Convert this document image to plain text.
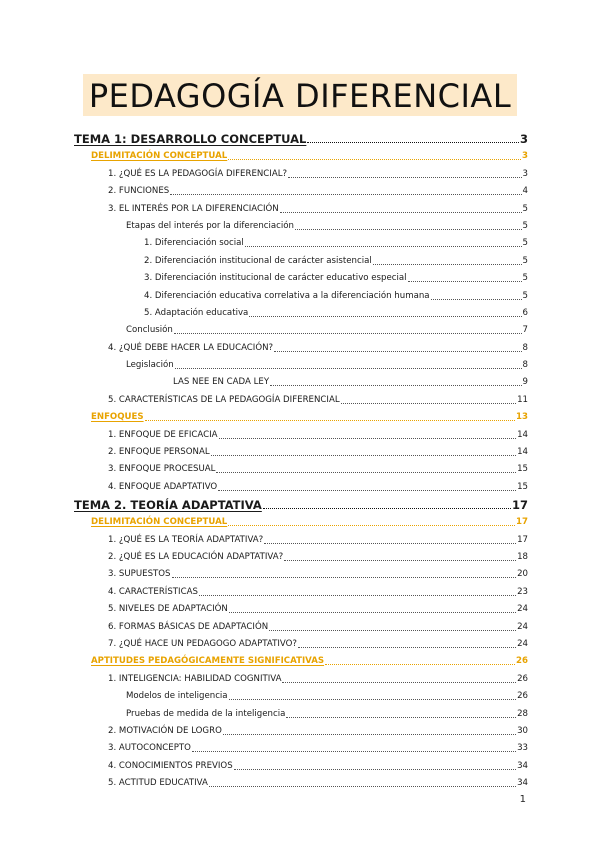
PEDAGOGÍA DIFERENCIAL
TEMA 1: DESARROLLO CONCEPTUAL	3
DELIMITACIÓN CONCEPTUAL	3
1. ¿QUÉ ES LA PEDAGOGÍA DIFERENCIAL?	3
2. FUNCIONES	4
3. EL INTERÉS POR LA DIFERENCIACIÓN	5
Etapas del interés por la diferenciación	5
1. Diferenciación social	5
2. Diferenciación institucional de carácter asistencial	5
3. Diferenciación institucional de carácter educativo especial	5
4. Diferenciación educativa correlativa a la diferenciación humana	5
5. Adaptación educativa	6
Conclusión	7
4. ¿QUÉ DEBE HACER LA EDUCACIÓN?	8
Legislación	8
LAS NEE EN CADA LEY	9
5. CARACTERÍSTICAS DE LA PEDAGOGÍA DIFERENCIAL	11
ENFOQUES	13
1. ENFOQUE DE EFICACIA	14
2. ENFOQUE PERSONAL	14
3. ENFOQUE PROCESUAL	15
4. ENFOQUE ADAPTATIVO	15
TEMA 2. TEORÍA ADAPTATIVA	17
DELIMITACIÓN CONCEPTUAL	17
1. ¿QUÉ ES LA TEORÍA ADAPTATIVA?	17
2. ¿QUÉ ES LA EDUCACIÓN ADAPTATIVA?	18
3. SUPUESTOS	20
4. CARACTERÍSTICAS	23
5. NIVELES DE ADAPTACIÓN	24
6. FORMAS BÁSICAS DE ADAPTACIÓN	24
7. ¿QUÉ HACE UN PEDAGOGO ADAPTATIVO?	24
APTITUDES PEDAGÓGICAMENTE SIGNIFICATIVAS	26
1. INTELIGENCIA: HABILIDAD COGNITIVA	26
Modelos de inteligencia	26
Pruebas de medida de la inteligencia	28
2. MOTIVACIÓN DE LOGRO	30
3. AUTOCONCEPTO	33
4. CONOCIMIENTOS PREVIOS	34
5. ACTITUD EDUCATIVA	34
1
